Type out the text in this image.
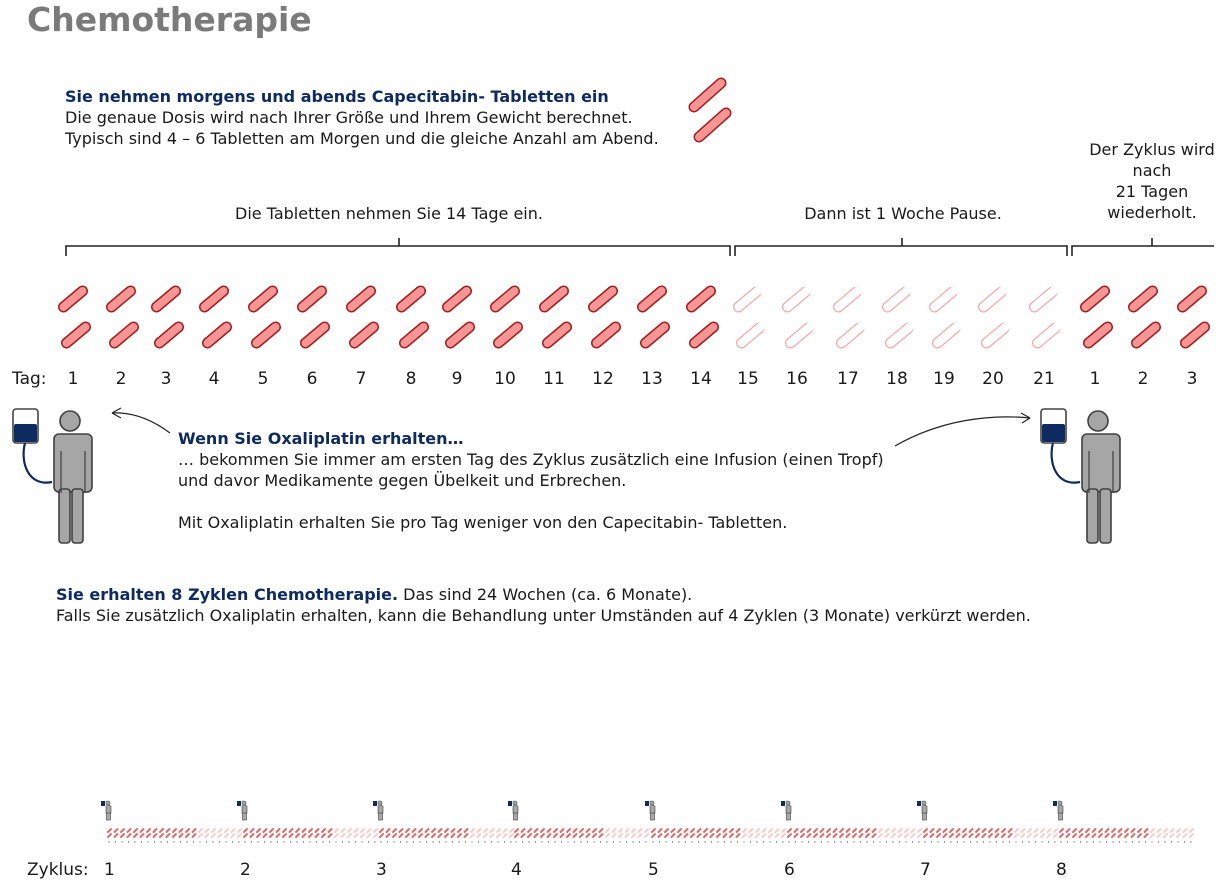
Chemotherapie
Sie nehmen morgens und abends Capecitabin- Tabletten ein
Die genaue Dosis wird nach Ihrer Größe und Ihrem Gewicht berechnet.
Typisch sind 4 – 6 Tabletten am Morgen und die gleiche Anzahl am Abend.
Die Tabletten nehmen Sie 14 Tage ein.	Dann ist 1 Woche Pause.
Der Zyklus wird
nach
21 Tagen
wiederholt.
Tag:	1	2	3	4	5	6	7	8	9	10	11	12	13	14	15	16	17	18	19	20	21	1	2	3
Wenn Sie Oxaliplatin erhalten…
… bekommen Sie immer am ersten Tag des Zyklus zusätzlich eine Infusion (einen Tropf)
und davor Medikamente gegen Übelkeit und Erbrechen.
Mit Oxaliplatin erhalten Sie pro Tag weniger von den Capecitabin- Tabletten.
Sie erhalten 8 Zyklen Chemotherapie. Das sind 24 Wochen (ca. 6 Monate).
Falls Sie zusätzlich Oxaliplatin erhalten, kann die Behandlung unter Umständen auf 4 Zyklen (3 Monate) verkürzt werden.
Zyklus: 1	2	3	4	5	6	7	8
